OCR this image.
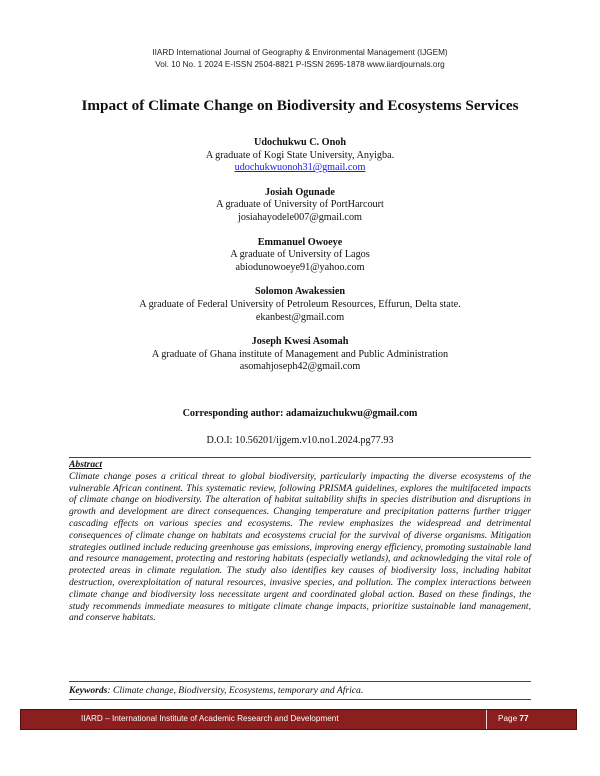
IIARD International Journal of Geography & Environmental Management (IJGEM)
Vol. 10 No. 1 2024 E-ISSN 2504-8821 P-ISSN 2695-1878 www.iiardjournals.org
Impact of Climate Change on Biodiversity and Ecosystems Services
Udochukwu C. Onoh
A graduate of Kogi State University, Anyigba.
udochukwuonoh31@gmail.com
Josiah Ogunade
A graduate of University of PortHarcourt
josiahayodele007@gmail.com
Emmanuel Owoeye
A graduate of University of Lagos
abiodunowoeye91@yahoo.com
Solomon Awakessien
A graduate of Federal University of Petroleum Resources, Effurun, Delta state.
ekanbest@gmail.com
Joseph Kwesi Asomah
A graduate of Ghana institute of Management and Public Administration
asomahjoseph42@gmail.com
Corresponding author: adamaizuchukwu@gmail.com
D.O.I: 10.56201/ijgem.v10.no1.2024.pg77.93
Abstract
Climate change poses a critical threat to global biodiversity, particularly impacting the diverse ecosystems of the vulnerable African continent. This systematic review, following PRISMA guidelines, explores the multifaceted impacts of climate change on biodiversity. The alteration of habitat suitability shifts in species distribution and disruptions in growth and development are direct consequences. Changing temperature and precipitation patterns further trigger cascading effects on various species and ecosystems. The review emphasizes the widespread and detrimental consequences of climate change on habitats and ecosystems crucial for the survival of diverse organisms. Mitigation strategies outlined include reducing greenhouse gas emissions, improving energy efficiency, promoting sustainable land and resource management, protecting and restoring habitats (especially wetlands), and acknowledging the vital role of protected areas in climate regulation. The study also identifies key causes of biodiversity loss, including habitat destruction, overexploitation of natural resources, invasive species, and pollution. The complex interactions between climate change and biodiversity loss necessitate urgent and coordinated global action. Based on these findings, the study recommends immediate measures to mitigate climate change impacts, prioritize sustainable land management, and conserve habitats.
Keywords: Climate change, Biodiversity, Ecosystems, temporary and Africa.
IIARD – International Institute of Academic Research and Development	Page 77
